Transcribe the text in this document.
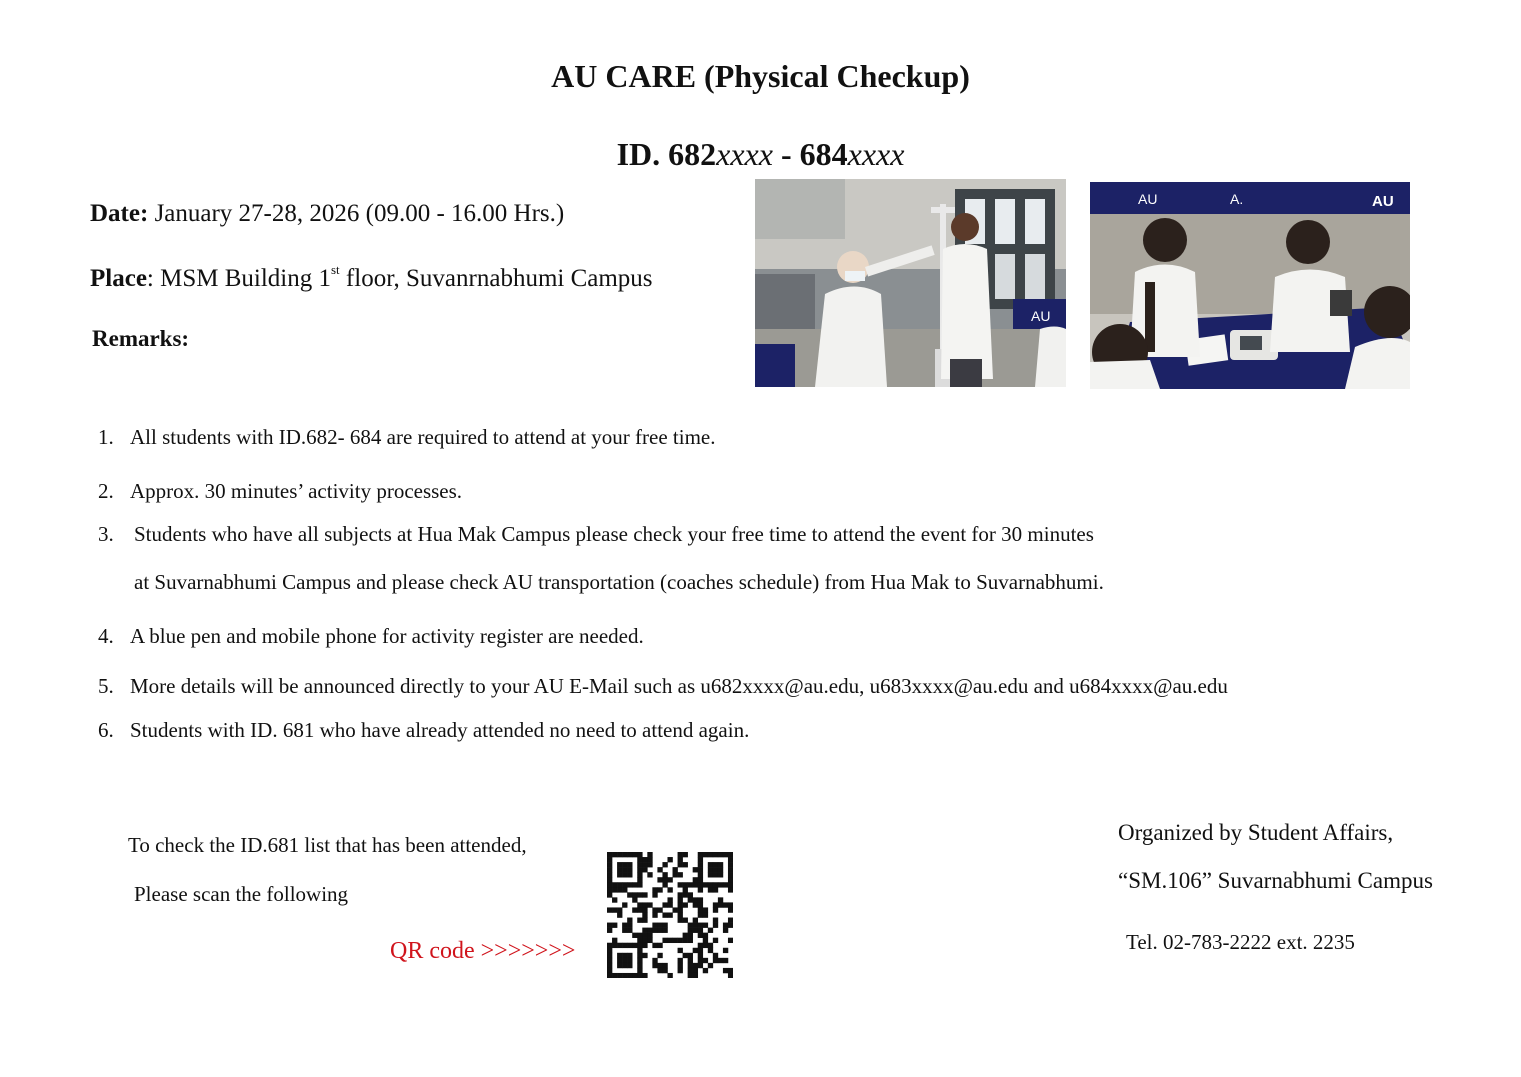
AU CARE (Physical Checkup)
ID. 682xxxx - 684xxxx
Date: January 27-28, 2026 (09.00 - 16.00 Hrs.)
Place: MSM Building 1st floor, Suvanrnabhumi Campus
Remarks:
AU
AU	A.	AU
1. All students with ID.682- 684 are required to attend at your free time.
2. Approx. 30 minutes’ activity processes.
3. Students who have all subjects at Hua Mak Campus please check your free time to attend the event for 30 minutes
at Suvarnabhumi Campus and please check AU transportation (coaches schedule) from Hua Mak to Suvarnabhumi.
4. A blue pen and mobile phone for activity register are needed.
5. More details will be announced directly to your AU E-Mail such as u682xxxx@au.edu, u683xxxx@au.edu and u684xxxx@au.edu
6. Students with ID. 681 who have already attended no need to attend again.
To check the ID.681 list that has been attended,
Please scan the following
QR code >>>>>>>
Organized by Student Affairs,
“SM.106” Suvarnabhumi Campus
Tel. 02-783-2222 ext. 2235
